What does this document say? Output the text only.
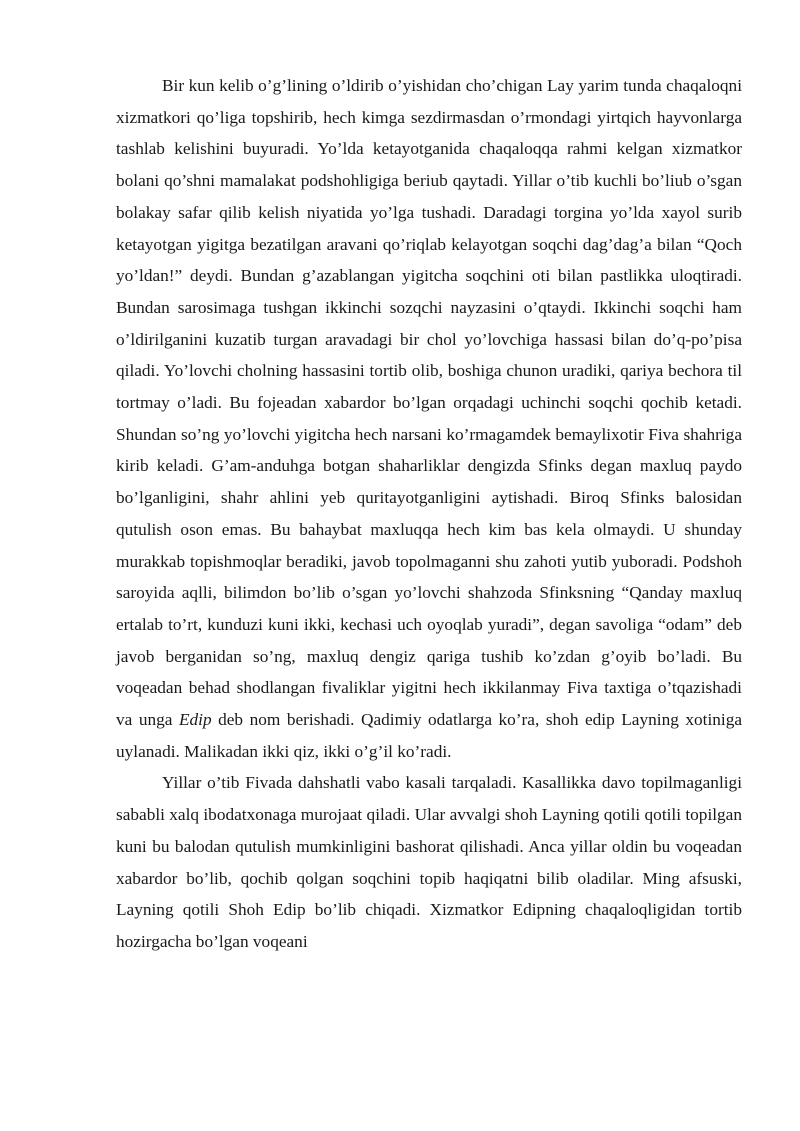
Bir kun kelib o’g’lining o’ldirib o’yishidan cho’chigan Lay yarim tunda chaqaloqni xizmatkori qo’liga topshirib, hech kimga sezdirmasdan o’rmondagi yirtqich hayvonlarga tashlab kelishini buyuradi. Yo’lda ketayotganida chaqaloqqa rahmi kelgan xizmatkor bolani qo’shni mamalakat podshohligiga beriub qaytadi. Yillar o’tib kuchli bo’liub o’sgan bolakay safar qilib kelish niyatida yo’lga tushadi. Daradagi torgina yo’lda xayol surib ketayotgan yigitga bezatilgan aravani qo’riqlab kelayotgan soqchi dag’dag’a bilan “Qoch yo’ldan!” deydi. Bundan g’azablangan yigitcha soqchini oti bilan pastlikka uloqtiradi. Bundan sarosimaga tushgan ikkinchi sozqchi nayzasini o’qtaydi. Ikkinchi soqchi ham o’ldirilganini kuzatib turgan aravadagi bir chol yo’lovchiga hassasi bilan do’q-po’pisa qiladi. Yo’lovchi cholning hassasini tortib olib, boshiga chunon uradiki, qariya bechora til tortmay o’ladi. Bu fojeadan xabardor bo’lgan orqadagi uchinchi soqchi qochib ketadi. Shundan so’ng yo’lovchi yigitcha hech narsani ko’rmagamdek bemaylixotir Fiva shahriga kirib keladi. G’am-anduhga botgan shaharliklar dengizda Sfinks degan maxluq paydo bo’lganligini, shahr ahlini yeb quritayotganligini aytishadi. Biroq Sfinks balosidan qutulish oson emas. Bu bahaybat maxluqqa hech kim bas kela olmaydi. U shunday murakkab topishmoqlar beradiki, javob topolmaganni shu zahoti yutib yuboradi. Podshoh saroyida aqlli, bilimdon bo’lib o’sgan yo’lovchi shahzoda Sfinksning “Qanday maxluq ertalab to’rt, kunduzi kuni ikki, kechasi uch oyoqlab yuradi”, degan savoliga “odam” deb javob berganidan so’ng, maxluq dengiz qariga tushib ko’zdan g’oyib bo’ladi. Bu voqeadan behad shodlangan fivaliklar yigitni hech ikkilanmay Fiva taxtiga o’tqazishadi va unga Edip deb nom berishadi. Qadimiy odatlarga ko’ra, shoh edip Layning xotiniga uylanadi. Malikadan ikki qiz, ikki o’g’il ko’radi.

Yillar o’tib Fivada dahshatli vabo kasali tarqaladi. Kasallikka davo topilmaganligi sababli xalq ibodatxonaga murojaat qiladi. Ular avvalgi shoh Layning qotili qotili topilgan kuni bu balodan qutulish mumkinligini bashorat qilishadi. Anca yillar oldin bu voqeadan xabardor bo’lib, qochib qolgan soqchini topib haqiqatni bilib oladilar. Ming afsuski, Layning qotili Shoh Edip bo’lib chiqadi. Xizmatkor Edipning chaqaloqligidan tortib hozirgacha bo’lgan voqeani
